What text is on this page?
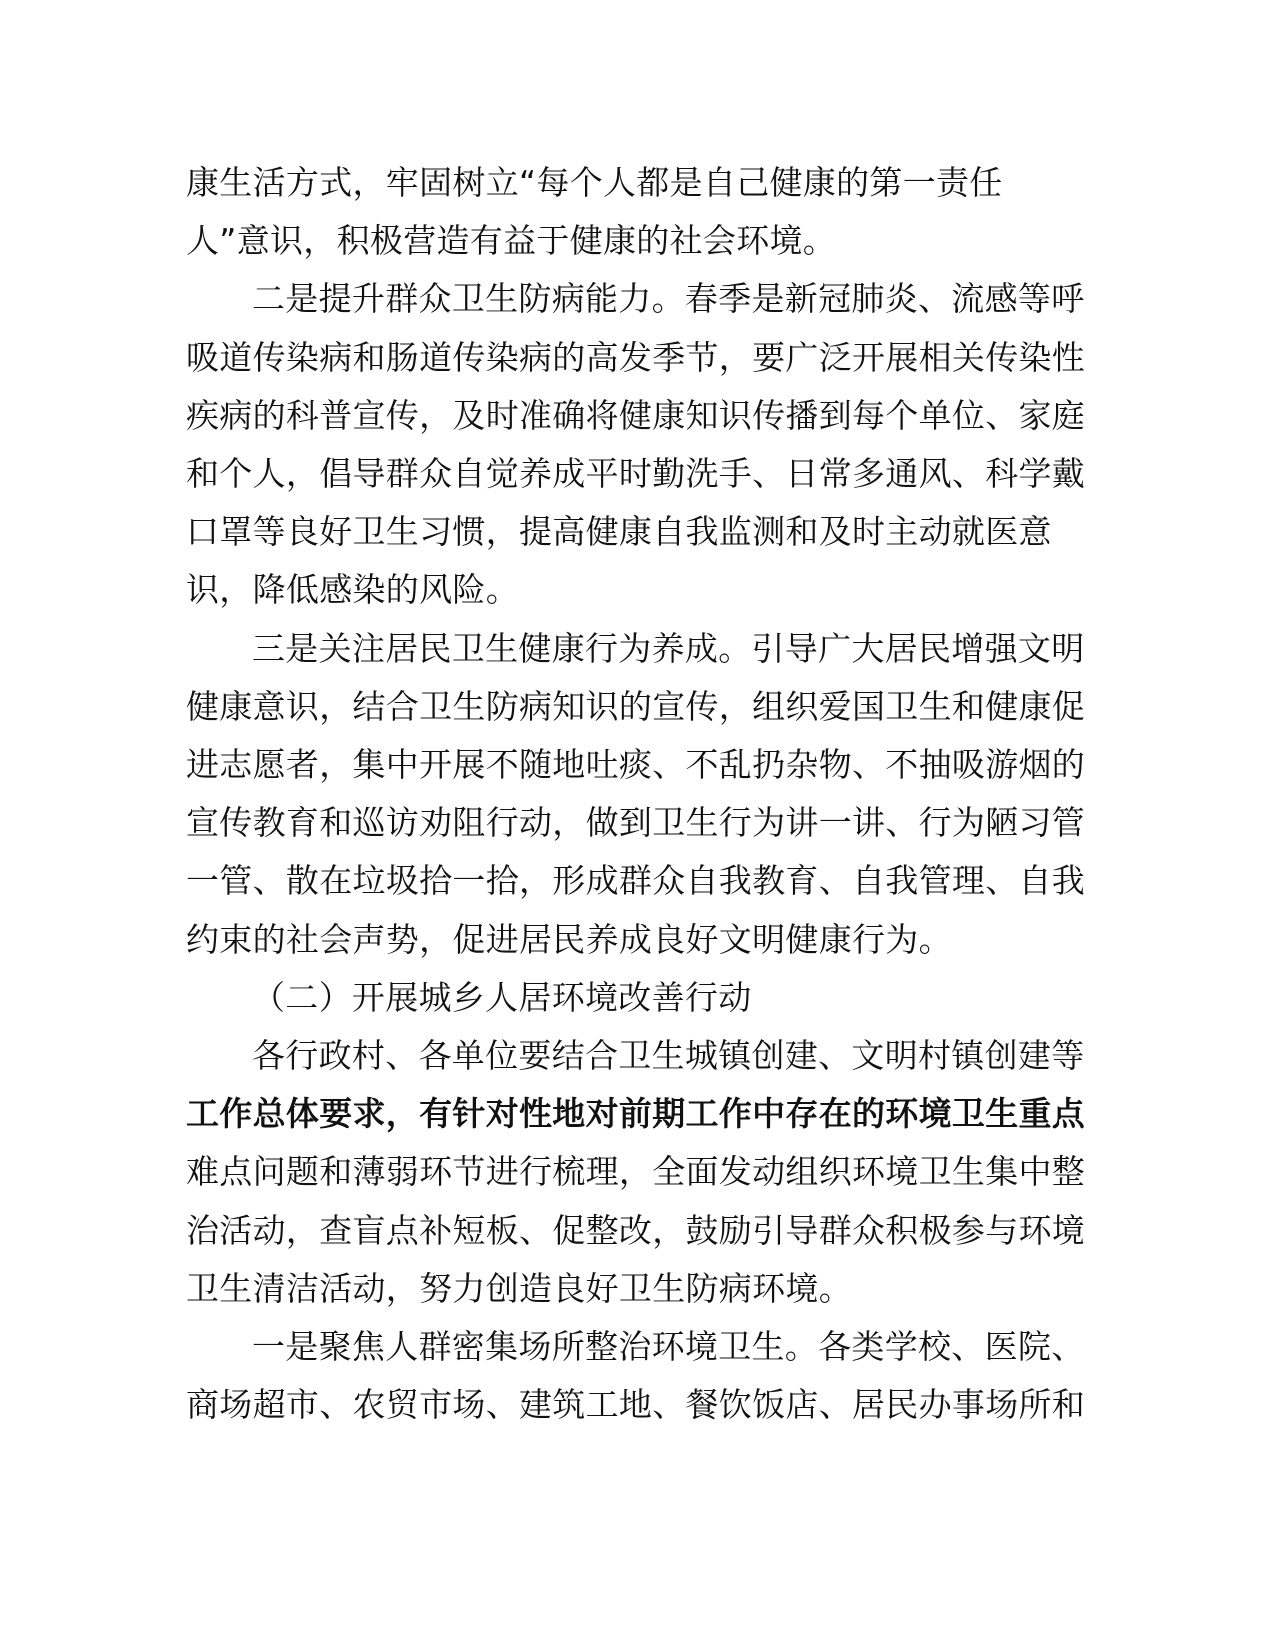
康生活方式，牢固树立“每个人都是自己健康的第一责任
人”意识，积极营造有益于健康的社会环境。

二是提升群众卫生防病能力。春季是新冠肺炎、流感等呼
吸道传染病和肠道传染病的高发季节，要广泛开展相关传染性
疾病的科普宣传，及时准确将健康知识传播到每个单位、家庭
和个人，倡导群众自觉养成平时勤洗手、日常多通风、科学戴
口罩等良好卫生习惯，提高健康自我监测和及时主动就医意
识，降低感染的风险。

三是关注居民卫生健康行为养成。引导广大居民增强文明
健康意识，结合卫生防病知识的宣传，组织爱国卫生和健康促
进志愿者，集中开展不随地吐痰、不乱扔杂物、不抽吸游烟的
宣传教育和巡访劝阻行动，做到卫生行为讲一讲、行为陋习管
一管、散在垃圾拾一拾，形成群众自我教育、自我管理、自我
约束的社会声势，促进居民养成良好文明健康行为。

（二）开展城乡人居环境改善行动

各行政村、各单位要结合卫生城镇创建、文明村镇创建等
工作总体要求，有针对性地对前期工作中存在的环境卫生重点
难点问题和薄弱环节进行梳理，全面发动组织环境卫生集中整
治活动，查盲点补短板、促整改，鼓励引导群众积极参与环境
卫生清洁活动，努力创造良好卫生防病环境。

一是聚焦人群密集场所整治环境卫生。各类学校、医院、
商场超市、农贸市场、建筑工地、餐饮饭店、居民办事场所和
